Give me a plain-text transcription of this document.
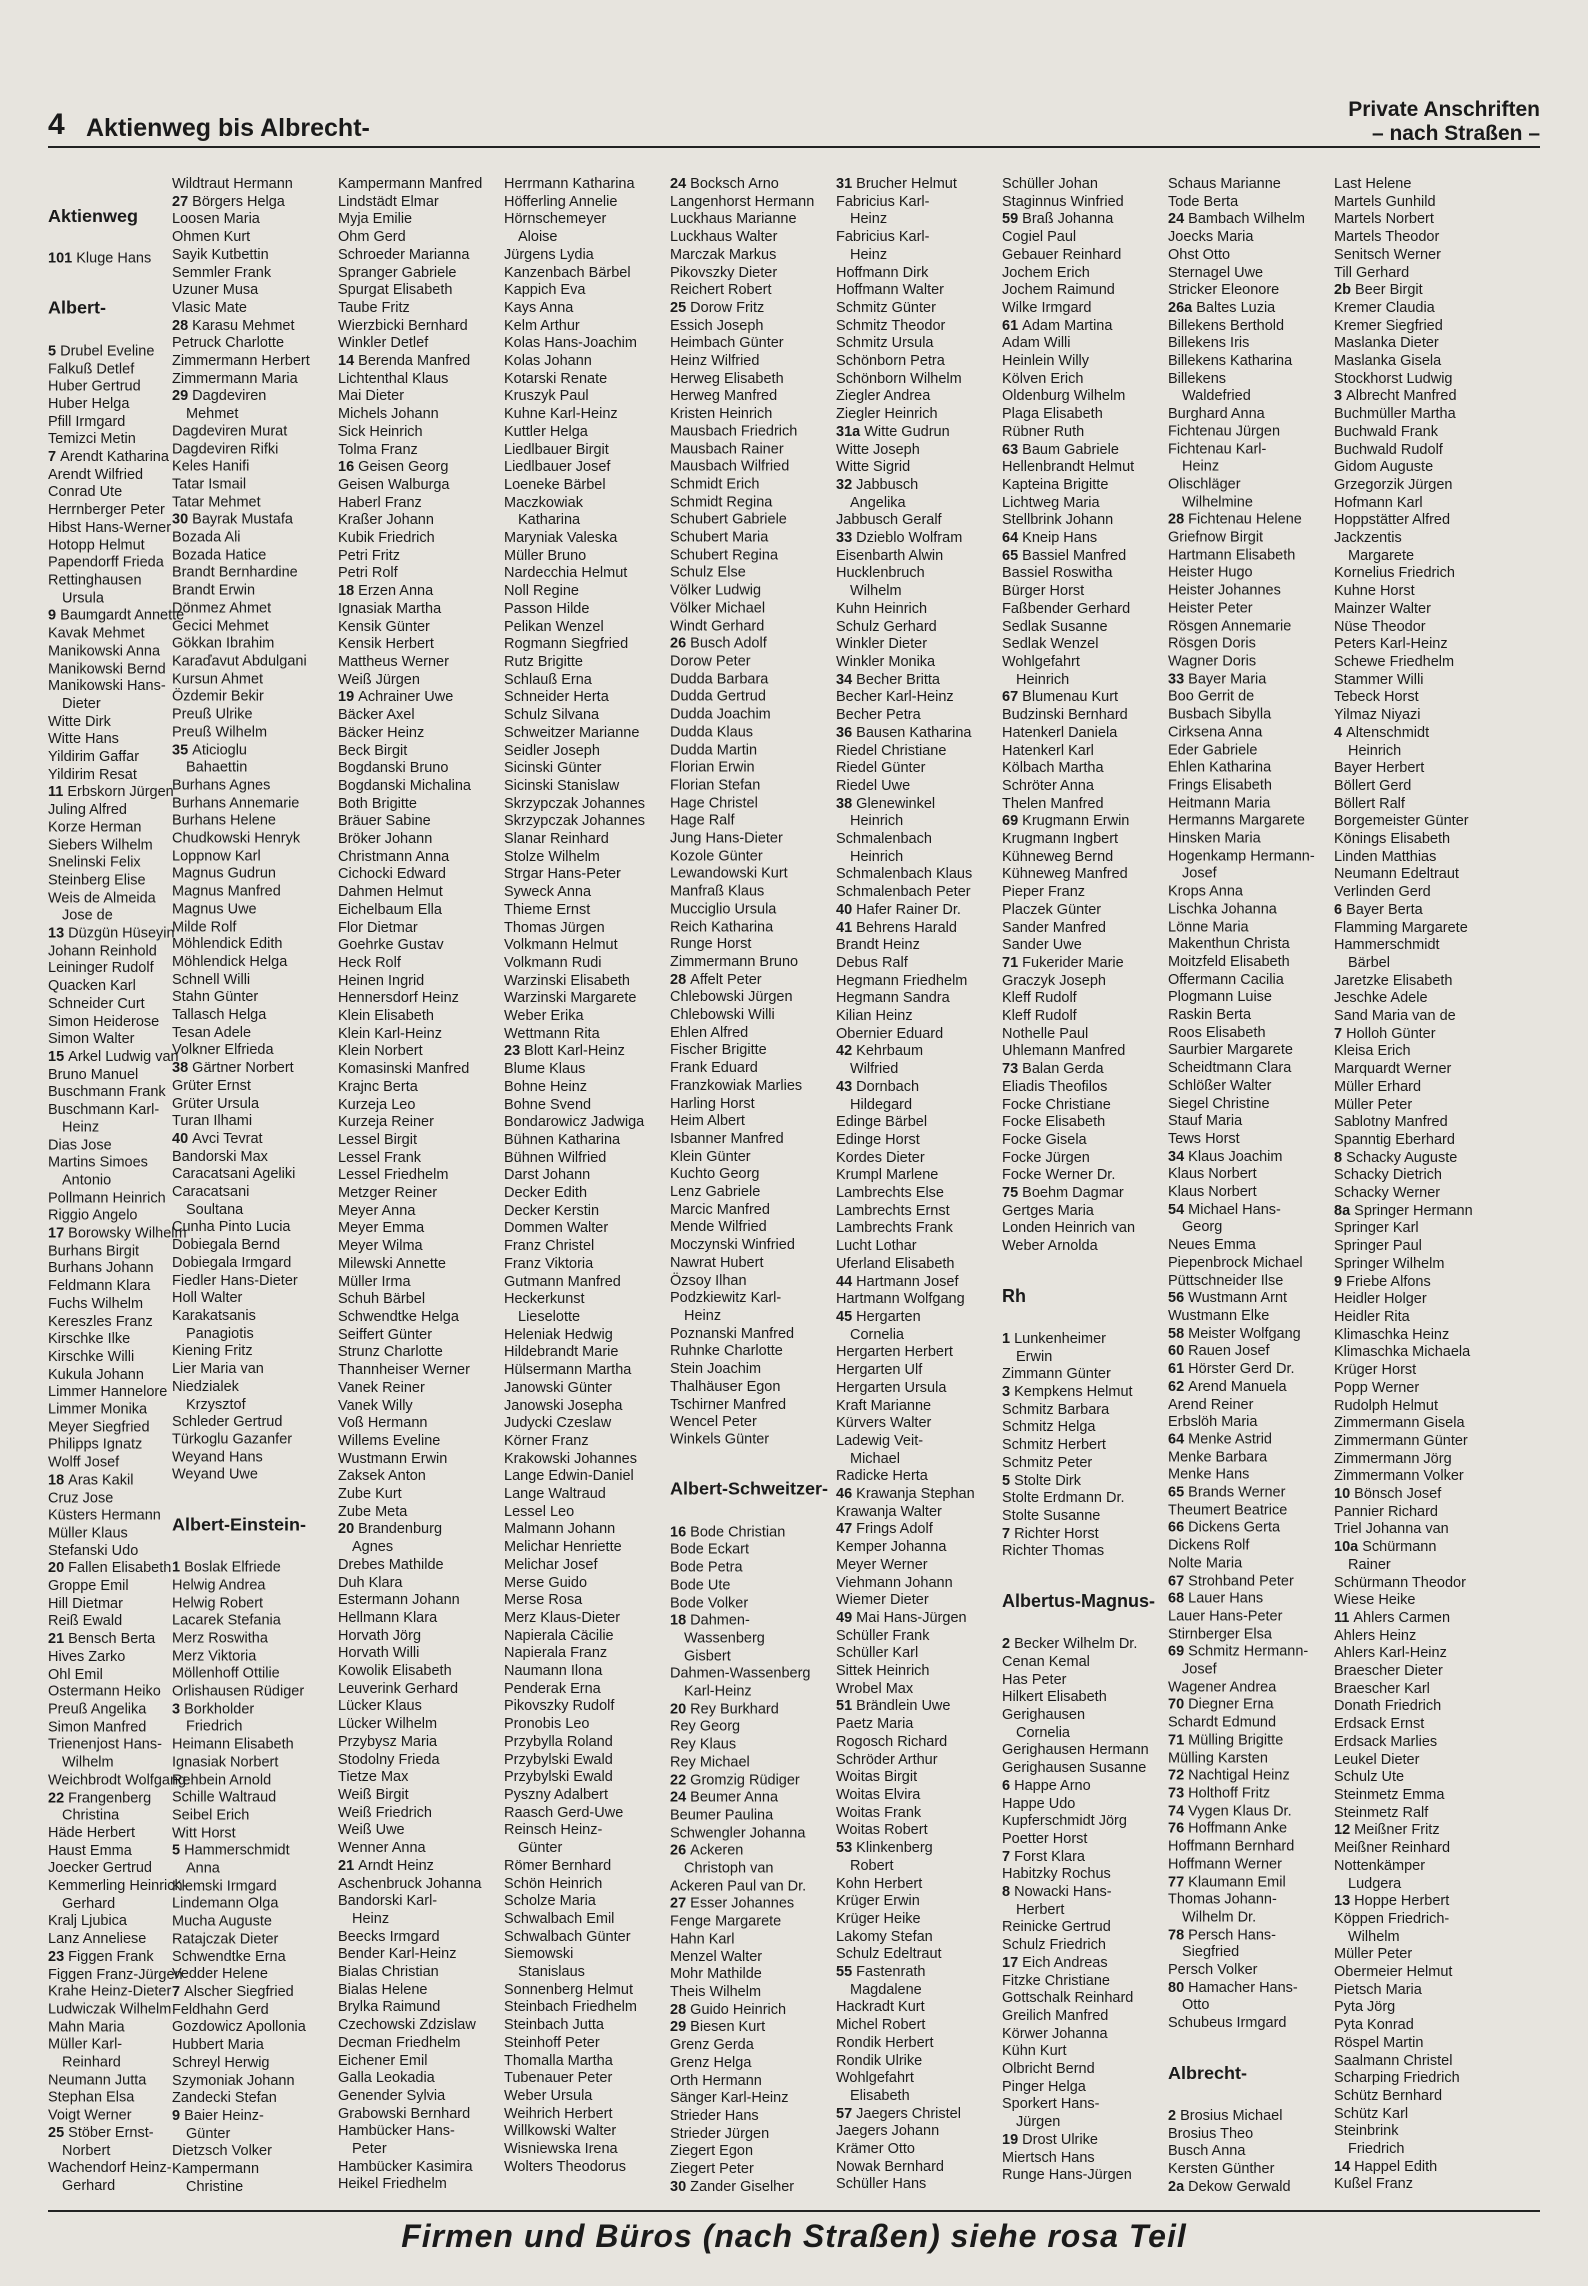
4 Aktienweg bis Albrecht-
Private Anschriften
– nach Straßen –
Aktienweg
101 Kluge Hans
Albert-
5 Drubel Eveline
Falkuß Detlef
Huber Gertrud
Huber Helga
Pfill Irmgard
Temizci Metin
7 Arendt Katharina
Arendt Wilfried
Conrad Ute
Herrnberger Peter
Hibst Hans-Werner
Hotopp Helmut
Papendorff Frieda
Rettinghausen
Ursula
9 Baumgardt Annette
Kavak Mehmet
Manikowski Anna
Manikowski Bernd
Manikowski Hans-
Dieter
Witte Dirk
Witte Hans
Yildirim Gaffar
Yildirim Resat
11 Erbskorn Jürgen
Juling Alfred
Korze Herman
Siebers Wilhelm
Snelinski Felix
Steinberg Elise
Weis de Almeida
Jose de
13 Düzgün Hüseyin
Johann Reinhold
Leininger Rudolf
Quacken Karl
Schneider Curt
Simon Heiderose
Simon Walter
15 Arkel Ludwig van
Bruno Manuel
Buschmann Frank
Buschmann Karl-
Heinz
Dias Jose
Martins Simoes
Antonio
Pollmann Heinrich
Riggio Angelo
17 Borowsky Wilhelm
Burhans Birgit
Burhans Johann
Feldmann Klara
Fuchs Wilhelm
Kereszles Franz
Kirschke Ilke
Kirschke Willi
Kukula Johann
Limmer Hannelore
Limmer Monika
Meyer Siegfried
Philipps Ignatz
Wolff Josef
18 Aras Kakil
Cruz Jose
Küsters Hermann
Müller Klaus
Stefanski Udo
20 Fallen Elisabeth
Groppe Emil
Hill Dietmar
Reiß Ewald
21 Bensch Berta
Hives Zarko
Ohl Emil
Ostermann Heiko
Preuß Angelika
Simon Manfred
Trienenjost Hans-
Wilhelm
Weichbrodt Wolfgang
22 Frangenberg
Christina
Häde Herbert
Haust Emma
Joecker Gertrud
Kemmerling Heinrich-
Gerhard
Kralj Ljubica
Lanz Anneliese
23 Figgen Frank
Figgen Franz-Jürgen
Krahe Heinz-Dieter
Ludwiczak Wilhelm
Mahn Maria
Müller Karl-
Reinhard
Neumann Jutta
Stephan Elsa
Voigt Werner
25 Stöber Ernst-
Norbert
Wachendorf Heinz-
Gerhard
Wildtraut Hermann
27 Börgers Helga
Loosen Maria
Ohmen Kurt
Sayik Kutbettin
Semmler Frank
Uzuner Musa
Vlasic Mate
28 Karasu Mehmet
Petruck Charlotte
Zimmermann Herbert
Zimmermann Maria
29 Dagdeviren
Mehmet
Dagdeviren Murat
Dagdeviren Rifki
Keles Hanifi
Tatar Ismail
Tatar Mehmet
30 Bayrak Mustafa
Bozada Ali
Bozada Hatice
Brandt Bernhardine
Brandt Erwin
Dönmez Ahmet
Gecici Mehmet
Gökkan Ibrahim
Karaďavut Abdulgani
Kursun Ahmet
Özdemir Bekir
Preuß Ulrike
Preuß Wilhelm
35 Aticioglu
Bahaettin
Burhans Agnes
Burhans Annemarie
Burhans Helene
Chudkowski Henryk
Loppnow Karl
Magnus Gudrun
Magnus Manfred
Magnus Uwe
Milde Rolf
Möhlendick Edith
Möhlendick Helga
Schnell Willi
Stahn Günter
Tallasch Helga
Tesan Adele
Volkner Elfrieda
38 Gärtner Norbert
Grüter Ernst
Grüter Ursula
Turan Ilhami
40 Avci Tevrat
Bandorski Max
Caracatsani Ageliki
Caracatsani
Soultana
Cunha Pinto Lucia
Dobiegala Bernd
Dobiegala Irmgard
Fiedler Hans-Dieter
Holl Walter
Karakatsanis
Panagiotis
Kiening Fritz
Lier Maria van
Niedzialek
Krzysztof
Schleder Gertrud
Türkoglu Gazanfer
Weyand Hans
Weyand Uwe
Albert-Einstein-
1 Boslak Elfriede
Helwig Andrea
Helwig Robert
Lacarek Stefania
Merz Roswitha
Merz Viktoria
Möllenhoff Ottilie
Orlishausen Rüdiger
3 Borkholder
Friedrich
Heimann Elisabeth
Ignasiak Norbert
Rehbein Arnold
Schille Waltraud
Seibel Erich
Witt Horst
5 Hammerschmidt
Anna
Klemski Irmgard
Lindemann Olga
Mucha Auguste
Ratajczak Dieter
Schwendtke Erna
Vedder Helene
7 Alscher Siegfried
Feldhahn Gerd
Gozdowicz Apollonia
Hubbert Maria
Schreyl Herwig
Szymoniak Johann
Zandecki Stefan
9 Baier Heinz-
Günter
Dietzsch Volker
Kampermann
Christine
Kampermann Manfred
Lindstädt Elmar
Myja Emilie
Ohm Gerd
Schroeder Marianna
Spranger Gabriele
Spurgat Elisabeth
Taube Fritz
Wierzbicki Bernhard
Winkler Detlef
14 Berenda Manfred
Lichtenthal Klaus
Mai Dieter
Michels Johann
Sick Heinrich
Tolma Franz
16 Geisen Georg
Geisen Walburga
Haberl Franz
Kraßer Johann
Kubik Friedrich
Petri Fritz
Petri Rolf
18 Erzen Anna
Ignasiak Martha
Kensik Günter
Kensik Herbert
Mattheus Werner
Weiß Jürgen
19 Achrainer Uwe
Bäcker Axel
Bäcker Heinz
Beck Birgit
Bogdanski Bruno
Bogdanski Michalina
Both Brigitte
Bräuer Sabine
Bröker Johann
Christmann Anna
Cichocki Edward
Dahmen Helmut
Eichelbaum Ella
Flor Dietmar
Goehrke Gustav
Heck Rolf
Heinen Ingrid
Hennersdorf Heinz
Klein Elisabeth
Klein Karl-Heinz
Klein Norbert
Komasinski Manfred
Krajnc Berta
Kurzeja Leo
Kurzeja Reiner
Lessel Birgit
Lessel Frank
Lessel Friedhelm
Metzger Reiner
Meyer Anna
Meyer Emma
Meyer Wilma
Milewski Annette
Müller Irma
Schuh Bärbel
Schwendtke Helga
Seiffert Günter
Strunz Charlotte
Thannheiser Werner
Vanek Reiner
Vanek Willy
Voß Hermann
Willems Eveline
Wustmann Erwin
Zaksek Anton
Zube Kurt
Zube Meta
20 Brandenburg
Agnes
Drebes Mathilde
Duh Klara
Estermann Johann
Hellmann Klara
Horvath Jörg
Horvath Willi
Kowolik Elisabeth
Leuverink Gerhard
Lücker Klaus
Lücker Wilhelm
Przybysz Maria
Stodolny Frieda
Tietze Max
Weiß Birgit
Weiß Friedrich
Weiß Uwe
Wenner Anna
21 Arndt Heinz
Aschenbruck Johanna
Bandorski Karl-
Heinz
Beecks Irmgard
Bender Karl-Heinz
Bialas Christian
Bialas Helene
Brylka Raimund
Czechowski Zdzislaw
Decman Friedhelm
Eichener Emil
Galla Leokadia
Genender Sylvia
Grabowski Bernhard
Hambücker Hans-
Peter
Hambücker Kasimira
Heikel Friedhelm
Herrmann Katharina
Höfferling Annelie
Hörnschemeyer
Aloise
Jürgens Lydia
Kanzenbach Bärbel
Kappich Eva
Kays Anna
Kelm Arthur
Kolas Hans-Joachim
Kolas Johann
Kotarski Renate
Kruszyk Paul
Kuhne Karl-Heinz
Kuttler Helga
Liedlbauer Birgit
Liedlbauer Josef
Loeneke Bärbel
Maczkowiak
Katharina
Maryniak Valeska
Müller Bruno
Nardecchia Helmut
Noll Regine
Passon Hilde
Pelikan Wenzel
Rogmann Siegfried
Rutz Brigitte
Schlauß Erna
Schneider Herta
Schulz Silvana
Schweitzer Marianne
Seidler Joseph
Sicinski Günter
Sicinski Stanislaw
Skrzypczak Johannes
Skrzypczak Johannes
Slanar Reinhard
Stolze Wilhelm
Strgar Hans-Peter
Syweck Anna
Thieme Ernst
Thomas Jürgen
Volkmann Helmut
Volkmann Rudi
Warzinski Elisabeth
Warzinski Margarete
Weber Erika
Wettmann Rita
23 Blott Karl-Heinz
Blume Klaus
Bohne Heinz
Bohne Svend
Bondarowicz Jadwiga
Bühnen Katharina
Bühnen Wilfried
Darst Johann
Decker Edith
Decker Kerstin
Dommen Walter
Franz Christel
Franz Viktoria
Gutmann Manfred
Heckerkunst
Lieselotte
Heleniak Hedwig
Hildebrandt Marie
Hülsermann Martha
Janowski Günter
Janowski Josepha
Judycki Czeslaw
Körner Franz
Krakowski Johannes
Lange Edwin-Daniel
Lange Waltraud
Lessel Leo
Malmann Johann
Melichar Henriette
Melichar Josef
Merse Guido
Merse Rosa
Merz Klaus-Dieter
Napierala Cäcilie
Napierala Franz
Naumann Ilona
Penderak Erna
Pikovszky Rudolf
Pronobis Leo
Przybylla Roland
Przybylski Ewald
Przybylski Ewald
Pyszny Adalbert
Raasch Gerd-Uwe
Reinsch Heinz-
Günter
Römer Bernhard
Schön Heinrich
Scholze Maria
Schwalbach Emil
Schwalbach Günter
Siemowski
Stanislaus
Sonnenberg Helmut
Steinbach Friedhelm
Steinbach Jutta
Steinhoff Peter
Thomalla Martha
Tubenauer Peter
Weber Ursula
Weihrich Herbert
Willkowski Walter
Wisniewska Irena
Wolters Theodorus
24 Bocksch Arno
Langenhorst Hermann
Luckhaus Marianne
Luckhaus Walter
Marczak Markus
Pikovszky Dieter
Reichert Robert
25 Dorow Fritz
Essich Joseph
Heimbach Günter
Heinz Wilfried
Herweg Elisabeth
Herweg Manfred
Kristen Heinrich
Mausbach Friedrich
Mausbach Rainer
Mausbach Wilfried
Schmidt Erich
Schmidt Regina
Schubert Gabriele
Schubert Maria
Schubert Regina
Schulz Else
Völker Ludwig
Völker Michael
Windt Gerhard
26 Busch Adolf
Dorow Peter
Dudda Barbara
Dudda Gertrud
Dudda Joachim
Dudda Klaus
Dudda Martin
Florian Erwin
Florian Stefan
Hage Christel
Hage Ralf
Jung Hans-Dieter
Kozole Günter
Lewandowski Kurt
Manfraß Klaus
Mucciglio Ursula
Reich Katharina
Runge Horst
Zimmermann Bruno
28 Affelt Peter
Chlebowski Jürgen
Chlebowski Willi
Ehlen Alfred
Fischer Brigitte
Frank Eduard
Franzkowiak Marlies
Harling Horst
Heim Albert
Isbanner Manfred
Klein Günter
Kuchto Georg
Lenz Gabriele
Marcic Manfred
Mende Wilfried
Moczynski Winfried
Nawrat Hubert
Özsoy Ilhan
Podzkiewitz Karl-
Heinz
Poznanski Manfred
Ruhnke Charlotte
Stein Joachim
Thalhäuser Egon
Tschirner Manfred
Wencel Peter
Winkels Günter
Albert-Schweitzer-
16 Bode Christian
Bode Eckart
Bode Petra
Bode Ute
Bode Volker
18 Dahmen-
Wassenberg
Gisbert
Dahmen-Wassenberg
Karl-Heinz
20 Rey Burkhard
Rey Georg
Rey Klaus
Rey Michael
22 Gromzig Rüdiger
24 Beumer Anna
Beumer Paulina
Schwengler Johanna
26 Ackeren
Christoph van
Ackeren Paul van Dr.
27 Esser Johannes
Fenge Margarete
Hahn Karl
Menzel Walter
Mohr Mathilde
Theis Wilhelm
28 Guido Heinrich
29 Biesen Kurt
Grenz Gerda
Grenz Helga
Orth Hermann
Sänger Karl-Heinz
Strieder Hans
Strieder Jürgen
Ziegert Egon
Ziegert Peter
30 Zander Giselher
31 Brucher Helmut
Fabricius Karl-
Heinz
Fabricius Karl-
Heinz
Hoffmann Dirk
Hoffmann Walter
Schmitz Günter
Schmitz Theodor
Schmitz Ursula
Schönborn Petra
Schönborn Wilhelm
Ziegler Andrea
Ziegler Heinrich
31a Witte Gudrun
Witte Joseph
Witte Sigrid
32 Jabbusch
Angelika
Jabbusch Geralf
33 Dzieblo Wolfram
Eisenbarth Alwin
Hucklenbruch
Wilhelm
Kuhn Heinrich
Schulz Gerhard
Winkler Dieter
Winkler Monika
34 Becher Britta
Becher Karl-Heinz
Becher Petra
36 Bausen Katharina
Riedel Christiane
Riedel Günter
Riedel Uwe
38 Glenewinkel
Heinrich
Schmalenbach
Heinrich
Schmalenbach Klaus
Schmalenbach Peter
40 Hafer Rainer Dr.
41 Behrens Harald
Brandt Heinz
Debus Ralf
Hegmann Friedhelm
Hegmann Sandra
Kilian Heinz
Obernier Eduard
42 Kehrbaum
Wilfried
43 Dornbach
Hildegard
Edinge Bärbel
Edinge Horst
Kordes Dieter
Krumpl Marlene
Lambrechts Else
Lambrechts Ernst
Lambrechts Frank
Lucht Lothar
Uferland Elisabeth
44 Hartmann Josef
Hartmann Wolfgang
45 Hergarten
Cornelia
Hergarten Herbert
Hergarten Ulf
Hergarten Ursula
Kraft Marianne
Kürvers Walter
Ladewig Veit-
Michael
Radicke Herta
46 Krawanja Stephan
Krawanja Walter
47 Frings Adolf
Kemper Johanna
Meyer Werner
Viehmann Johann
Wiemer Dieter
49 Mai Hans-Jürgen
Schüller Frank
Schüller Karl
Sittek Heinrich
Wrobel Max
51 Brändlein Uwe
Paetz Maria
Rogosch Richard
Schröder Arthur
Woitas Birgit
Woitas Elvira
Woitas Frank
Woitas Robert
53 Klinkenberg
Robert
Kohn Herbert
Krüger Erwin
Krüger Heike
Lakomy Stefan
Schulz Edeltraut
55 Fastenrath
Magdalene
Hackradt Kurt
Michel Robert
Rondik Herbert
Rondik Ulrike
Wohlgefahrt
Elisabeth
57 Jaegers Christel
Jaegers Johann
Krämer Otto
Nowak Bernhard
Schüller Hans
Schüller Johan
Staginnus Winfried
59 Braß Johanna
Cogiel Paul
Gebauer Reinhard
Jochem Erich
Jochem Raimund
Wilke Irmgard
61 Adam Martina
Adam Willi
Heinlein Willy
Kölven Erich
Oldenburg Wilhelm
Plaga Elisabeth
Rübner Ruth
63 Baum Gabriele
Hellenbrandt Helmut
Kapteina Brigitte
Lichtweg Maria
Stellbrink Johann
64 Kneip Hans
65 Bassiel Manfred
Bassiel Roswitha
Bürger Horst
Faßbender Gerhard
Sedlak Susanne
Sedlak Wenzel
Wohlgefahrt
Heinrich
67 Blumenau Kurt
Budzinski Bernhard
Hatenkerl Daniela
Hatenkerl Karl
Kölbach Martha
Schröter Anna
Thelen Manfred
69 Krugmann Erwin
Krugmann Ingbert
Kühneweg Bernd
Kühneweg Manfred
Pieper Franz
Placzek Günter
Sander Manfred
Sander Uwe
71 Fukerider Marie
Graczyk Joseph
Kleff Rudolf
Kleff Rudolf
Nothelle Paul
Uhlemann Manfred
73 Balan Gerda
Eliadis Theofilos
Focke Christiane
Focke Elisabeth
Focke Gisela
Focke Jürgen
Focke Werner Dr.
75 Boehm Dagmar
Gertges Maria
Londen Heinrich van
Weber Arnolda
Rh
1 Lunkenheimer
Erwin
Zimmann Günter
3 Kempkens Helmut
Schmitz Barbara
Schmitz Helga
Schmitz Herbert
Schmitz Peter
5 Stolte Dirk
Stolte Erdmann Dr.
Stolte Susanne
7 Richter Horst
Richter Thomas
Albertus-Magnus-
2 Becker Wilhelm Dr.
Cenan Kemal
Has Peter
Hilkert Elisabeth
Gerighausen
Cornelia
Gerighausen Hermann
Gerighausen Susanne
6 Happe Arno
Happe Udo
Kupferschmidt Jörg
Poetter Horst
7 Forst Klara
Habitzky Rochus
8 Nowacki Hans-
Herbert
Reinicke Gertrud
Schulz Friedrich
17 Eich Andreas
Fitzke Christiane
Gottschalk Reinhard
Greilich Manfred
Körwer Johanna
Kühn Kurt
Olbricht Bernd
Pinger Helga
Sporkert Hans-
Jürgen
19 Drost Ulrike
Miertsch Hans
Runge Hans-Jürgen
Schaus Marianne
Tode Berta
24 Bambach Wilhelm
Joecks Maria
Ohst Otto
Sternagel Uwe
Stricker Eleonore
26a Baltes Luzia
Billekens Berthold
Billekens Iris
Billekens Katharina
Billekens
Waldefried
Burghard Anna
Fichtenau Jürgen
Fichtenau Karl-
Heinz
Olischläger
Wilhelmine
28 Fichtenau Helene
Griefnow Birgit
Hartmann Elisabeth
Heister Hugo
Heister Johannes
Heister Peter
Rösgen Annemarie
Rösgen Doris
Wagner Doris
33 Bayer Maria
Boo Gerrit de
Busbach Sibylla
Cirksena Anna
Eder Gabriele
Ehlen Katharina
Frings Elisabeth
Heitmann Maria
Hermanns Margarete
Hinsken Maria
Hogenkamp Hermann-
Josef
Krops Anna
Lischka Johanna
Lönne Maria
Makenthun Christa
Moitzfeld Elisabeth
Offermann Cacilia
Plogmann Luise
Raskin Berta
Roos Elisabeth
Saurbier Margarete
Scheidtmann Clara
Schlößer Walter
Siegel Christine
Stauf Maria
Tews Horst
34 Klaus Joachim
Klaus Norbert
Klaus Norbert
54 Michael Hans-
Georg
Neues Emma
Piepenbrock Michael
Püttschneider Ilse
56 Wustmann Arnt
Wustmann Elke
58 Meister Wolfgang
60 Rauen Josef
61 Hörster Gerd Dr.
62 Arend Manuela
Arend Reiner
Erbslöh Maria
64 Menke Astrid
Menke Barbara
Menke Hans
65 Brands Werner
Theumert Beatrice
66 Dickens Gerta
Dickens Rolf
Nolte Maria
67 Strohband Peter
68 Lauer Hans
Lauer Hans-Peter
Stirnberger Elsa
69 Schmitz Hermann-
Josef
Wagener Andrea
70 Diegner Erna
Schardt Edmund
71 Mülling Brigitte
Mülling Karsten
72 Nachtigal Heinz
73 Holthoff Fritz
74 Vygen Klaus Dr.
76 Hoffmann Anke
Hoffmann Bernhard
Hoffmann Werner
77 Klaumann Emil
Thomas Johann-
Wilhelm Dr.
78 Persch Hans-
Siegfried
Persch Volker
80 Hamacher Hans-
Otto
Schubeus Irmgard
Albrecht-
2 Brosius Michael
Brosius Theo
Busch Anna
Kersten Günther
2a Dekow Gerwald
Last Helene
Martels Gunhild
Martels Norbert
Martels Theodor
Senitsch Werner
Till Gerhard
2b Beer Birgit
Kremer Claudia
Kremer Siegfried
Maslanka Dieter
Maslanka Gisela
Stockhorst Ludwig
3 Albrecht Manfred
Buchmüller Martha
Buchwald Frank
Buchwald Rudolf
Gidom Auguste
Grzegorzik Jürgen
Hofmann Karl
Hoppstätter Alfred
Jackzentis
Margarete
Kornelius Friedrich
Kuhne Horst
Mainzer Walter
Nüse Theodor
Peters Karl-Heinz
Schewe Friedhelm
Stammer Willi
Tebeck Horst
Yilmaz Niyazi
4 Altenschmidt
Heinrich
Bayer Herbert
Böllert Gerd
Böllert Ralf
Borgemeister Günter
Könings Elisabeth
Linden Matthias
Neumann Edeltraut
Verlinden Gerd
6 Bayer Berta
Flamming Margarete
Hammerschmidt
Bärbel
Jaretzke Elisabeth
Jeschke Adele
Sand Maria van de
7 Holloh Günter
Kleisa Erich
Marquardt Werner
Müller Erhard
Müller Peter
Sablotny Manfred
Spanntig Eberhard
8 Schacky Auguste
Schacky Dietrich
Schacky Werner
8a Springer Hermann
Springer Karl
Springer Paul
Springer Wilhelm
9 Friebe Alfons
Heidler Holger
Heidler Rita
Klimaschka Heinz
Klimaschka Michaela
Krüger Horst
Popp Werner
Rudolph Helmut
Zimmermann Gisela
Zimmermann Günter
Zimmermann Jörg
Zimmermann Volker
10 Bönsch Josef
Pannier Richard
Triel Johanna van
10a Schürmann
Rainer
Schürmann Theodor
Wiese Heike
11 Ahlers Carmen
Ahlers Heinz
Ahlers Karl-Heinz
Braescher Dieter
Braescher Karl
Donath Friedrich
Erdsack Ernst
Erdsack Marlies
Leukel Dieter
Schulz Ute
Steinmetz Emma
Steinmetz Ralf
12 Meißner Fritz
Meißner Reinhard
Nottenkämper
Ludgera
13 Hoppe Herbert
Köppen Friedrich-
Wilhelm
Müller Peter
Obermeier Helmut
Pietsch Maria
Pyta Jörg
Pyta Konrad
Röspel Martin
Saalmann Christel
Scharping Friedrich
Schütz Bernhard
Schütz Karl
Steinbrink
Friedrich
14 Happel Edith
Kußel Franz
Firmen und Büros (nach Straßen) siehe rosa Teil
